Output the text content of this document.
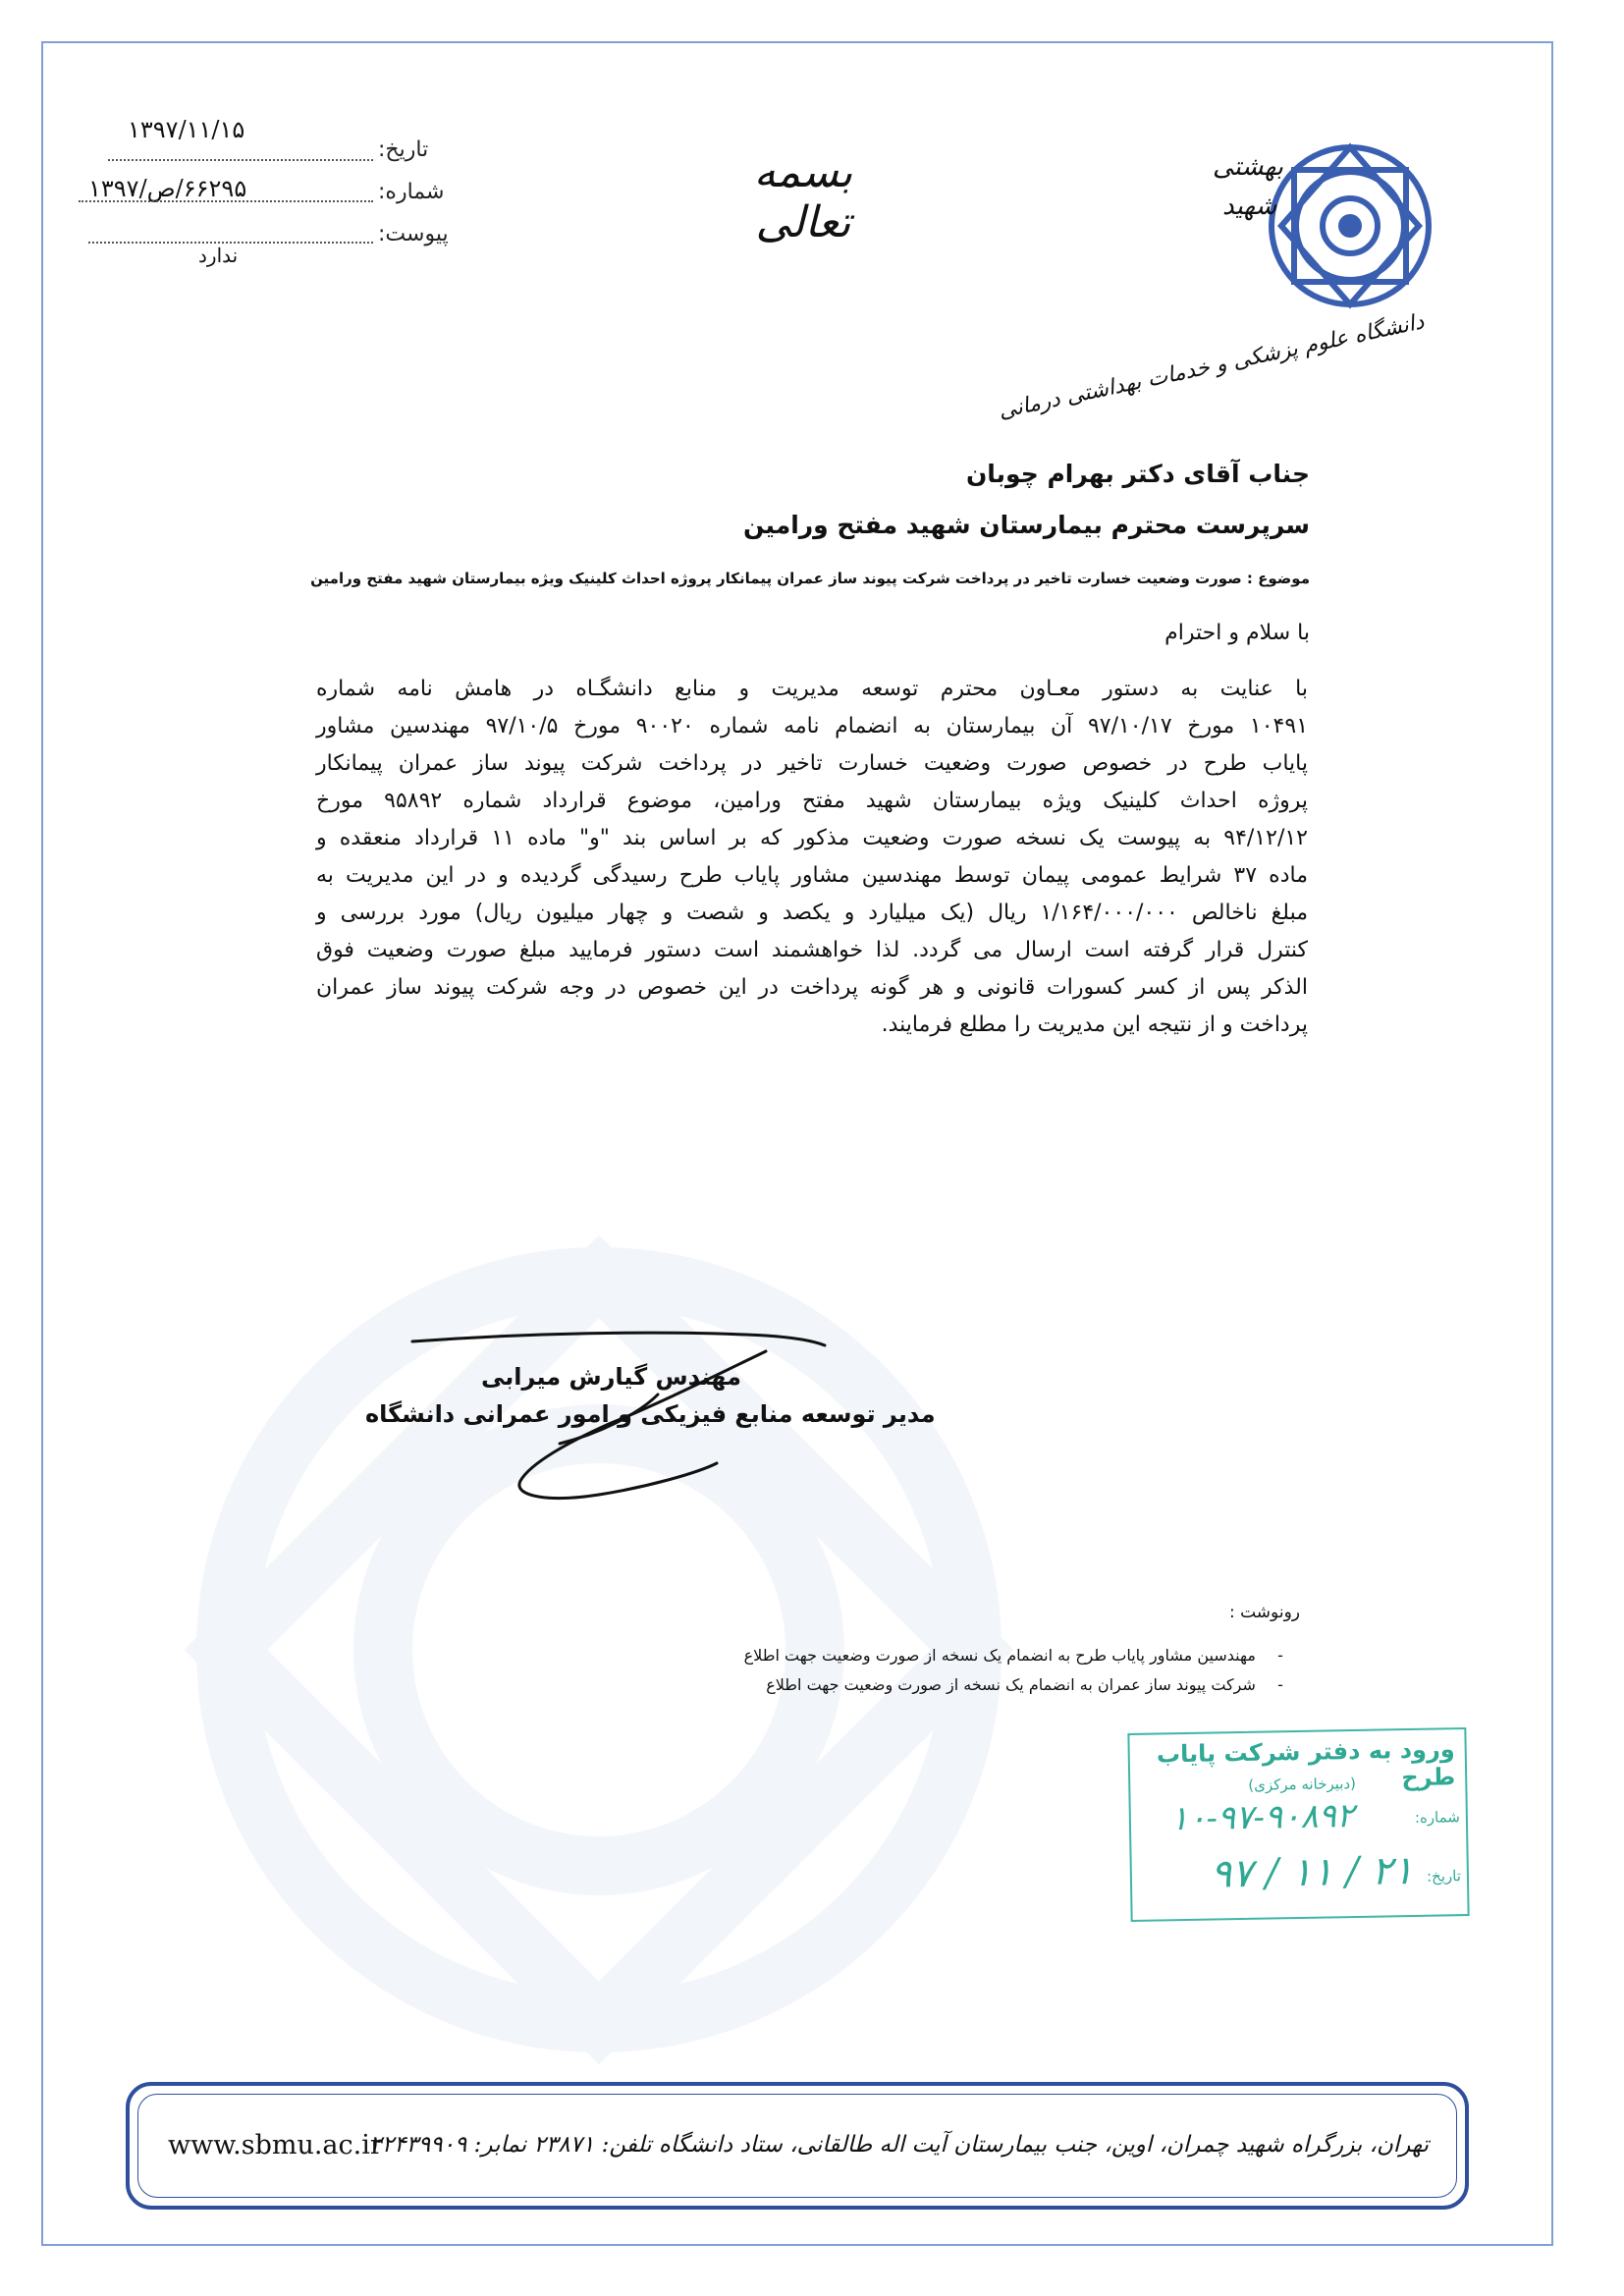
۱۳۹۷/۱۱/۱۵
تاریخ:
۶۶۲۹۵/ص/۱۳۹۷	شماره:
پیوست:
ندارد
بسمه تعالی
دانشگاه علوم پزشکی و خدمات بهداشتی درمانی
شهید
بهشتی
جناب آقای دکتر بهرام چوبان
سرپرست محترم بیمارستان شهید مفتح ورامین
موضوع : صورت وضعیت خسارت تاخیر در پرداخت شرکت پیوند ساز عمران پیمانکار پروژه احداث کلینیک ویژه بیمارستان شهید مفتح ورامین
با سلام و احترام
با عنایت به دستور معـاون محترم توسعه مدیریت و منابع دانشگـاه در هامش نامه شماره
۱۰۴۹۱ مورخ ۹۷/۱۰/۱۷ آن بیمارستان به انضمام نامه شماره ۹۰۰۲۰ مورخ ۹۷/۱۰/۵ مهندسین مشاور
پایاب طرح در خصوص صورت وضعیت خسارت تاخیر در پرداخت شرکت پیوند ساز عمران پیمانکار
پروژه احداث کلینیک ویژه بیمارستان شهید مفتح ورامین، موضوع قرارداد شماره ۹۵۸۹۲ مورخ
۹۴/۱۲/۱۲ به پیوست یک نسخه صورت وضعیت مذکور که بر اساس بند "و" ماده ۱۱ قرارداد منعقده و
ماده ۳۷ شرایط عمومی پیمان توسط مهندسین مشاور پایاب طرح رسیدگی گردیده و در این مدیریت به
مبلغ ناخالص ۱/۱۶۴/۰۰۰/۰۰۰ ریال (یک میلیارد و یکصد و شصت و چهار میلیون ریال) مورد بررسی و
کنترل قرار گرفته است ارسال می گردد. لذا خواهشمند است دستور فرمایید مبلغ صورت وضعیت فوق
الذکر پس از کسر کسورات قانونی و هر گونه پرداخت در این خصوص در وجه شرکت پیوند ساز عمران
پرداخت و از نتیجه این مدیریت را مطلع فرمایند.
مهندس گیارش میرابی
مدیر توسعه منابع فیزیکی و امور عمرانی دانشگاه
رونوشت :
- مهندسین مشاور پایاب طرح به انضمام یک نسخه از صورت وضعیت جهت اطلاع
- شرکت پیوند ساز عمران به انضمام یک نسخه از صورت وضعیت جهت اطلاع
ورود به دفتر شرکت پایاب طرح
(دبیرخانه مرکزی)
شماره:
۱۰-۹۷-۹۰۸۹۲
تاریخ:
۹۷ / ۱۱ / ۲۱
www.sbmu.ac.ir
تهران، بزرگراه شهید چمران، اوین، جنب بیمارستان آیت اله طالقانی، ستاد دانشگاه تلفن: ۲۳۸۷۱ نمابر: ۲۲۴۳۹۹۰۹
